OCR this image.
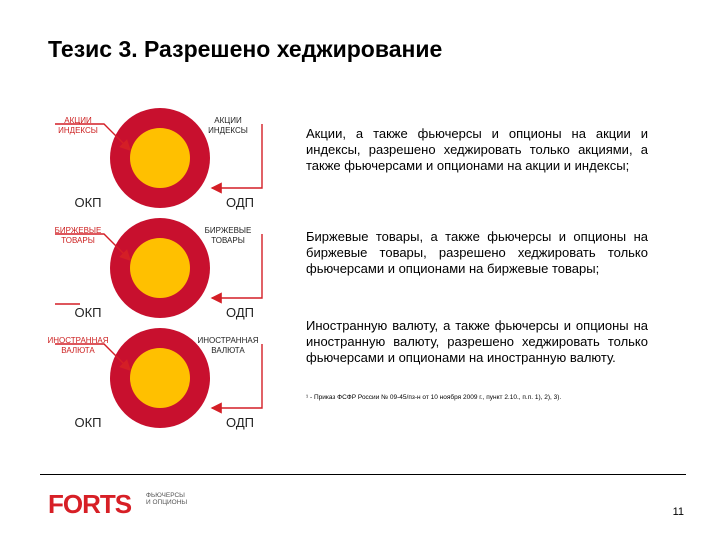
Тезис 3. Разрешено хеджирование
АКЦИИ
ИНДЕКСЫ
АКЦИИ
ИНДЕКСЫ
ОКП	ОДП
БИРЖЕВЫЕ
ТОВАРЫ
БИРЖЕВЫЕ
ТОВАРЫ
ОКП	ОДП
ИНОСТРАННАЯ
ВАЛЮТА
ИНОСТРАННАЯ
ВАЛЮТА
ОКП	ОДП
Акции, а также фьючерсы и опционы на акции и индексы, разрешено хеджировать только акциями, а также фьючерсами и опционами на акции и индексы;
Биржевые товары, а также фьючерсы и опционы на биржевые товары, разрешено хеджировать только фьючерсами и опционами на биржевые товары;
Иностранную валюту, а также фьючерсы и опционы на иностранную валюту, разрешено хеджировать только фьючерсами и опционами на иностранную валюту.
¹ - Приказ ФСФР России № 09-45/пз-н от 10 ноября 2009 г., пункт 2.10., п.п. 1), 2), 3).
FORTS ФЬЮЧЕРСЫ
И ОПЦИОНЫ
11
